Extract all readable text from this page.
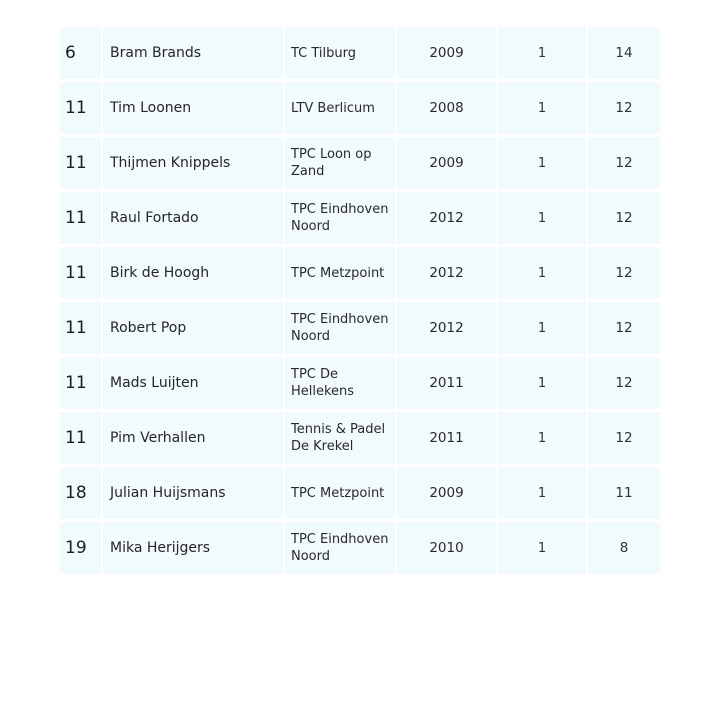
6	Bram Brands	TC Tilburg	2009	1	14
11	Tim Loonen	LTV Berlicum	2008	1	12
11	Thijmen Knippels	TPC Loon op Zand	2009	1	12
11	Raul Fortado	TPC Eindhoven Noord	2012	1	12
11	Birk de Hoogh	TPC Metzpoint	2012	1	12
11	Robert Pop	TPC Eindhoven Noord	2012	1	12
11	Mads Luijten	TPC De Hellekens	2011	1	12
11	Pim Verhallen	Tennis & Padel De Krekel	2011	1	12
18	Julian Huijsmans	TPC Metzpoint	2009	1	11
19	Mika Herijgers	TPC Eindhoven Noord	2010	1	8
